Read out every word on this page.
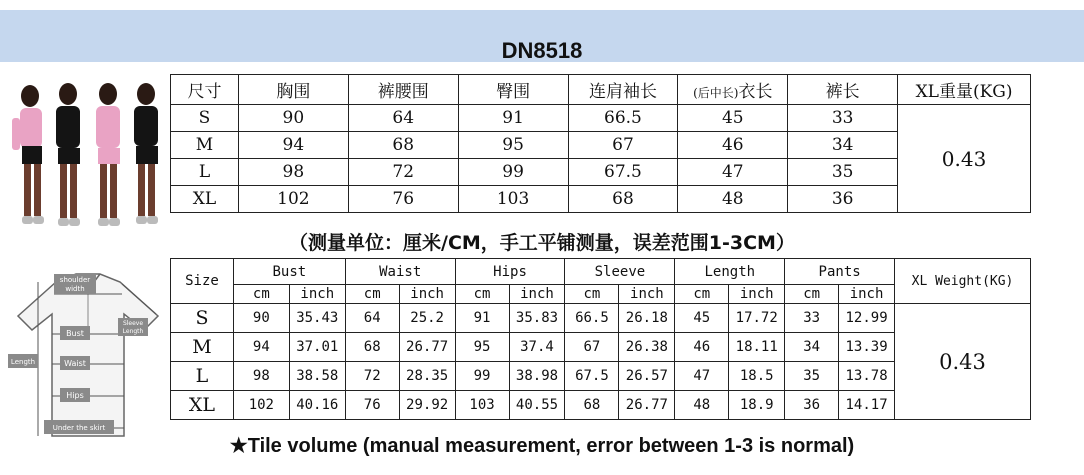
DN8518
尺寸	胸围	裤腰围	臀围	连肩袖长	(后中长)衣长	裤长	XL重量(KG)
S	90	64	91	66.5	45	33	0.43
M	94	68	95	67	46	34	
L	98	72	99	67.5	47	35	
XL	102	76	103	68	48	36	
（测量单位：厘米/CM，手工平铺测量，误差范围1-3CM）
shoulder
width
Sleeve
Length
Bust
Length	Waist
Hips
Under the skirt
Size	Bust		Waist		Hips		Sleeve		Length		Pants		XL Weight(KG)
	cm	inch	cm	inch	cm	inch	cm	inch	cm	inch	cm	inch	
S	90	35.43	64	25.2	91	35.83	66.5	26.18	45	17.72	33	12.99	0.43
M	94	37.01	68	26.77	95	37.4	67	26.38	46	18.11	34	13.39	
L	98	38.58	72	28.35	99	38.98	67.5	26.57	47	18.5	35	13.78	
XL	102	40.16	76	29.92	103	40.55	68	26.77	48	18.9	36	14.17	
★Tile volume (manual measurement, error between 1-3 is normal)
